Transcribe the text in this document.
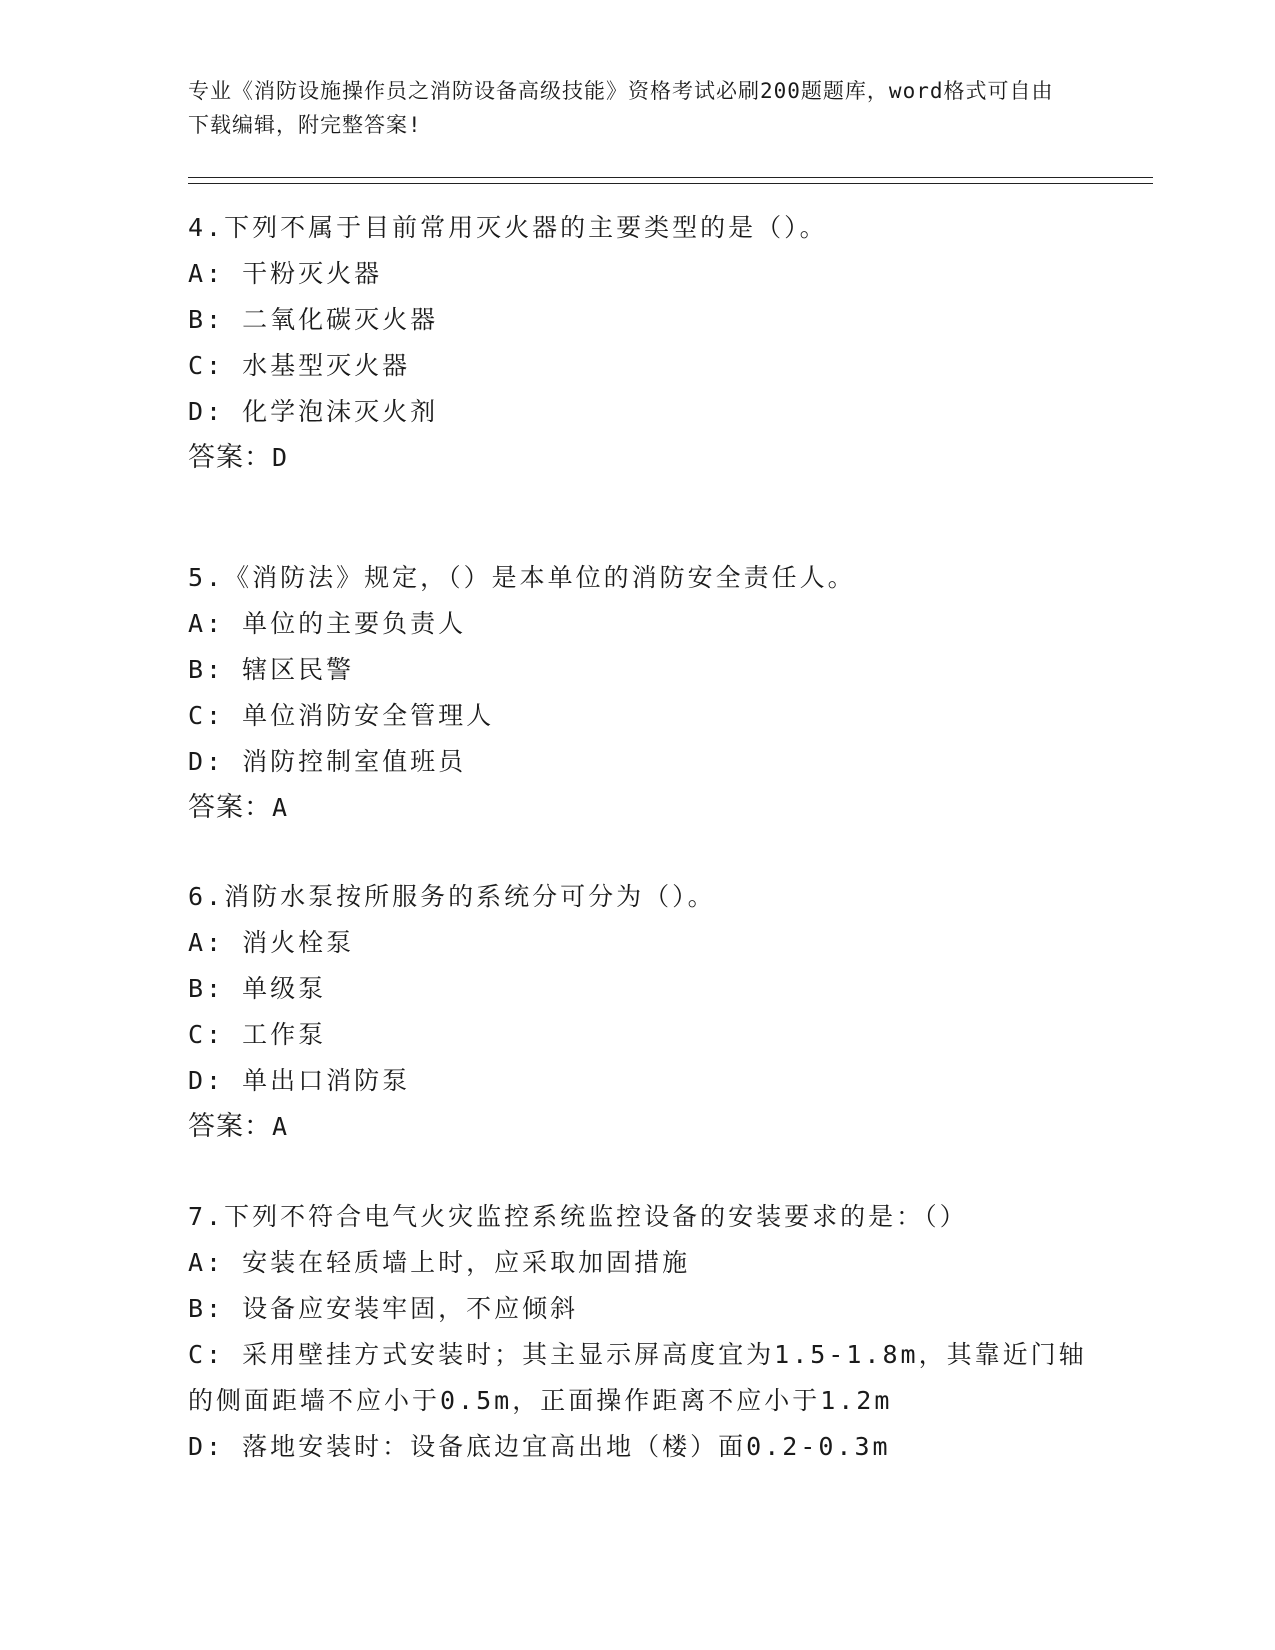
专业《消防设施操作员之消防设备高级技能》资格考试必刷200题题库，word格式可自由下载编辑，附完整答案!
4.下列不属于目前常用灭火器的主要类型的是（）。
A: 干粉灭火器
B: 二氧化碳灭火器
C: 水基型灭火器
D: 化学泡沫灭火剂
答案：D
5.《消防法》规定，（）是本单位的消防安全责任人。
A: 单位的主要负责人
B: 辖区民警
C: 单位消防安全管理人
D: 消防控制室值班员
答案：A
6.消防水泵按所服务的系统分可分为（）。
A: 消火栓泵
B: 单级泵
C: 工作泵
D: 单出口消防泵
答案：A
7.下列不符合电气火灾监控系统监控设备的安装要求的是：（）
A: 安装在轻质墙上时，应采取加固措施
B: 设备应安装牢固，不应倾斜
C: 采用壁挂方式安装时；其主显示屏高度宜为1.5-1.8m，其靠近门轴的侧面距墙不应小于0.5m，正面操作距离不应小于1.2m
D: 落地安装时：设备底边宜高出地（楼）面0.2-0.3m
